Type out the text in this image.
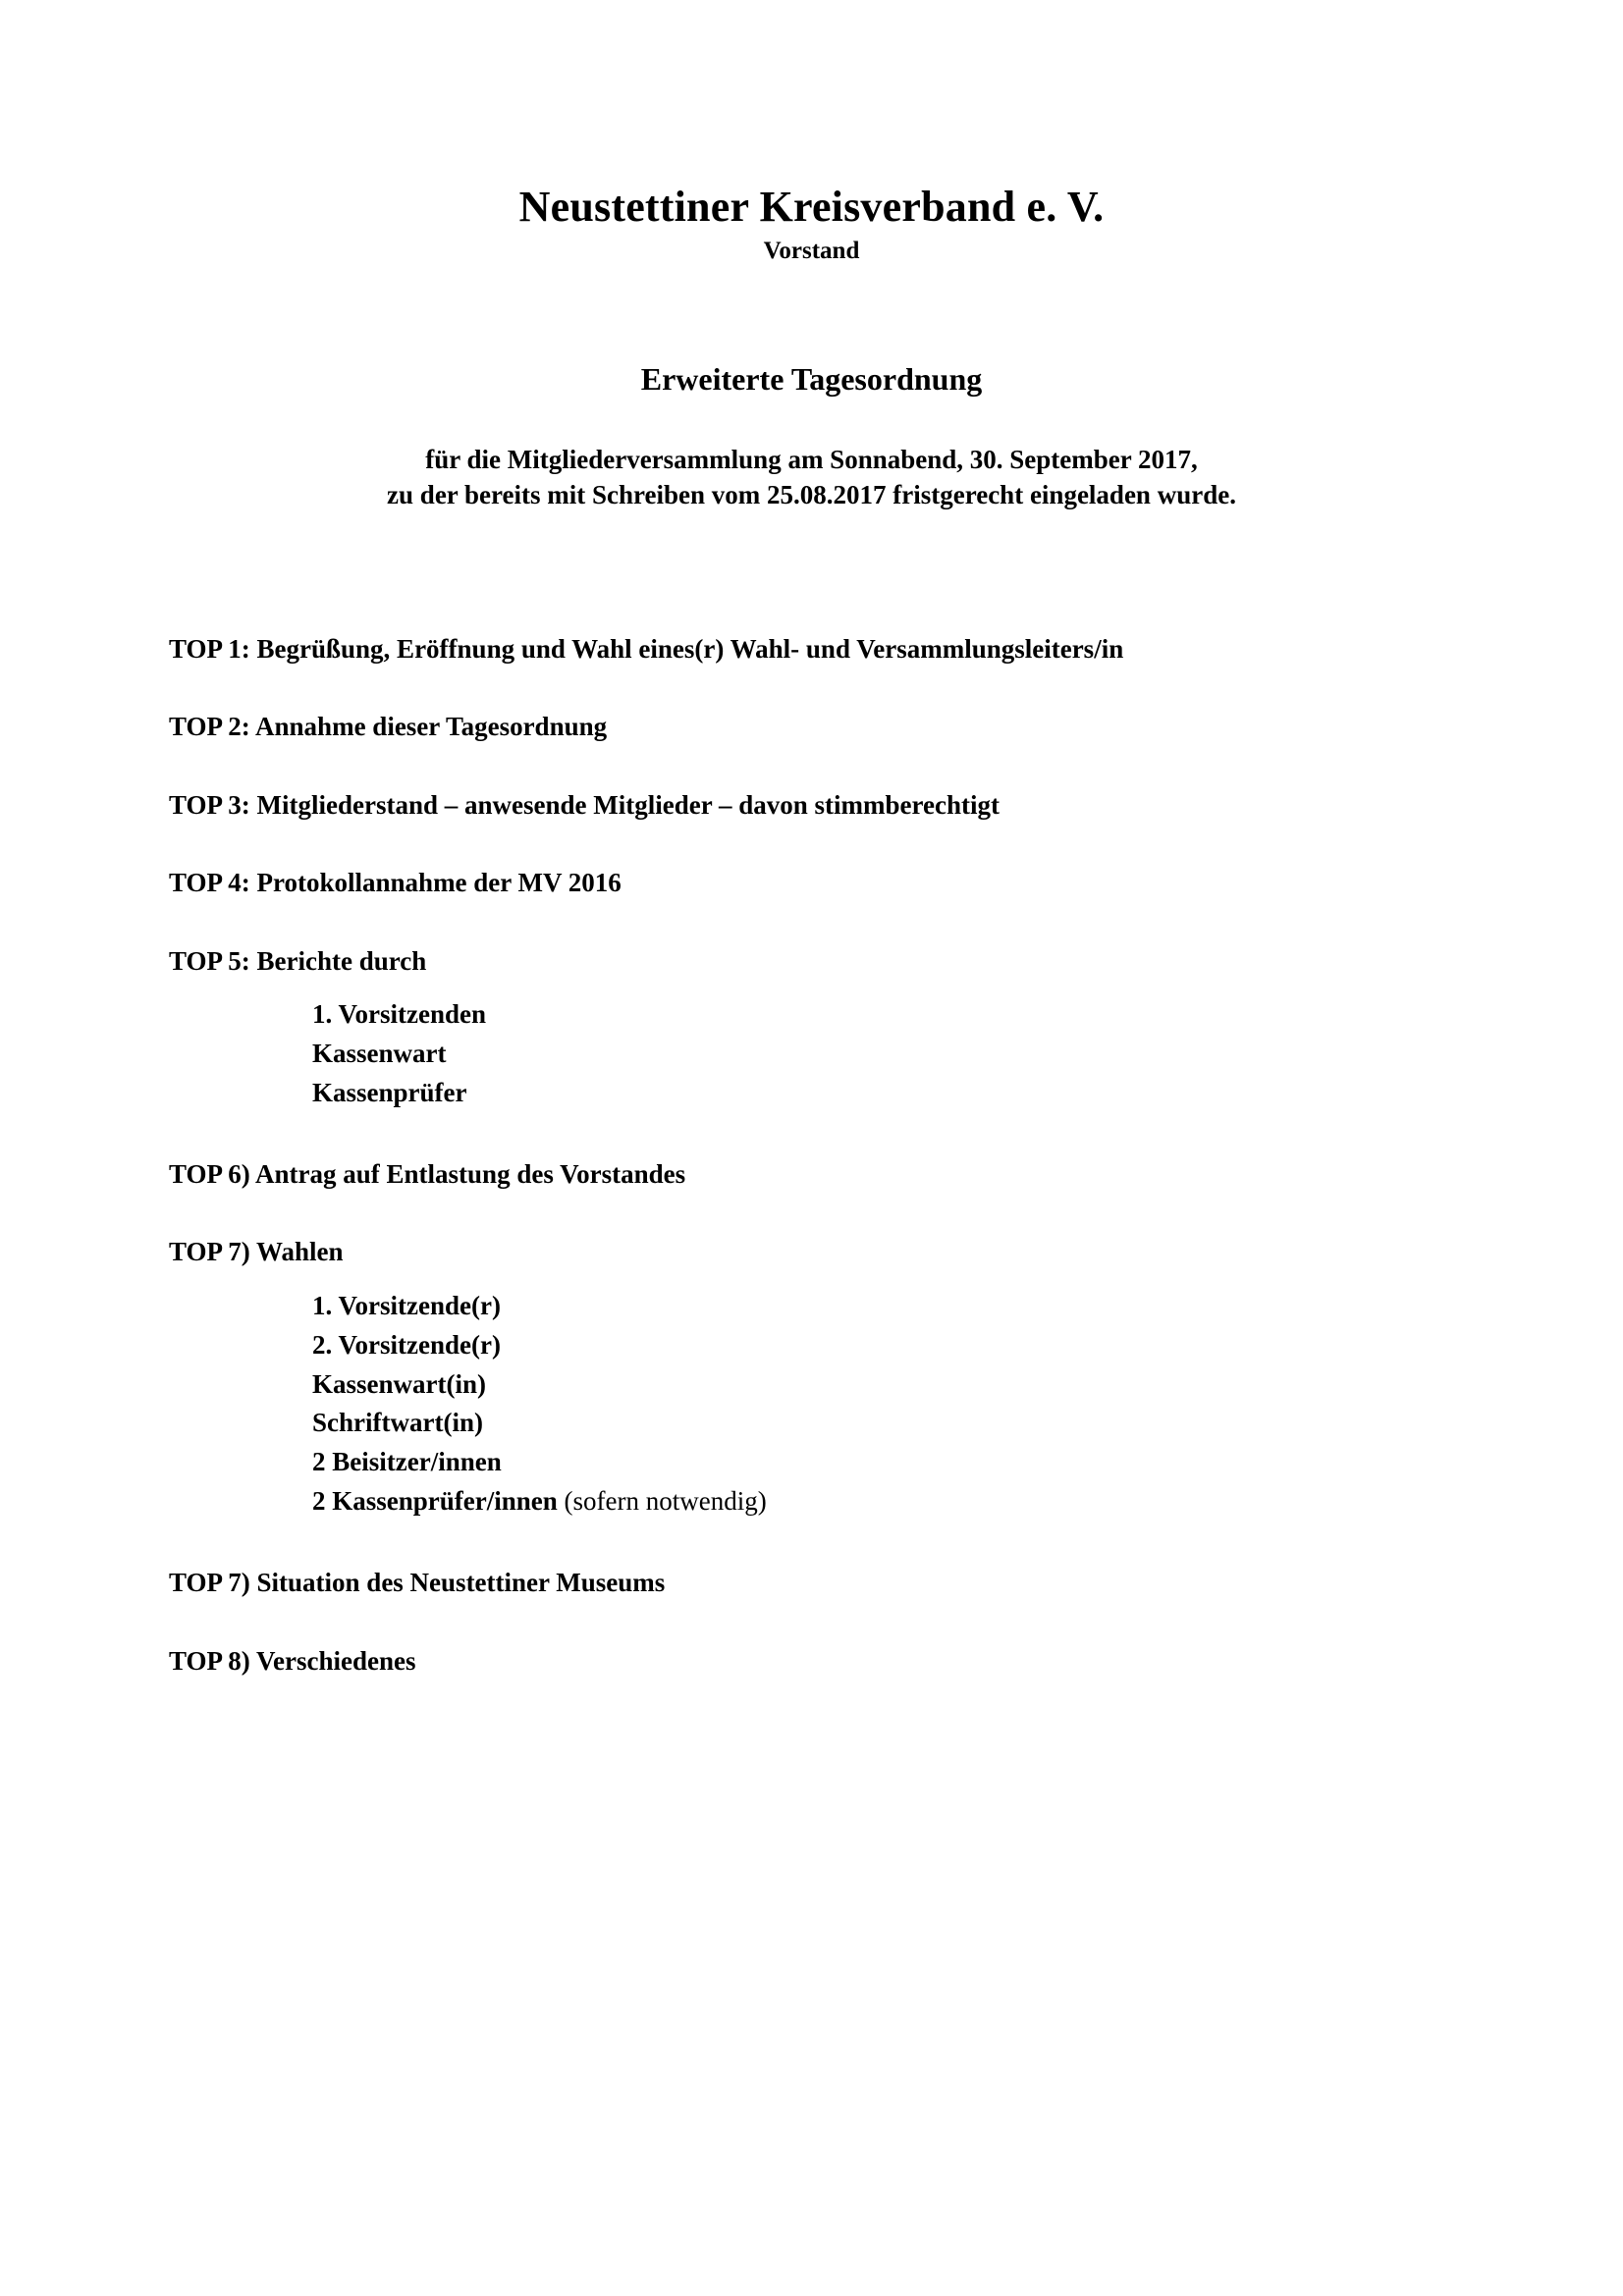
Neustettiner Kreisverband e. V.
Vorstand
Erweiterte Tagesordnung
für die Mitgliederversammlung am Sonnabend, 30. September 2017,
zu der bereits mit Schreiben vom 25.08.2017 fristgerecht eingeladen wurde.

TOP 1: Begrüßung, Eröffnung und Wahl eines(r) Wahl- und Versammlungsleiters/in

TOP 2: Annahme dieser Tagesordnung

TOP 3: Mitgliederstand – anwesende Mitglieder – davon stimmberechtigt

TOP 4: Protokollannahme der MV 2016

TOP 5: Berichte durch

1. Vorsitzenden
Kassenwart
Kassenprüfer

TOP 6) Antrag auf Entlastung des Vorstandes

TOP 7) Wahlen

1. Vorsitzende(r)
2. Vorsitzende(r)
Kassenwart(in)
Schriftwart(in)
2 Beisitzer/innen
2 Kassenprüfer/innen (sofern notwendig)

TOP 7) Situation des Neustettiner Museums

TOP 8) Verschiedenes
